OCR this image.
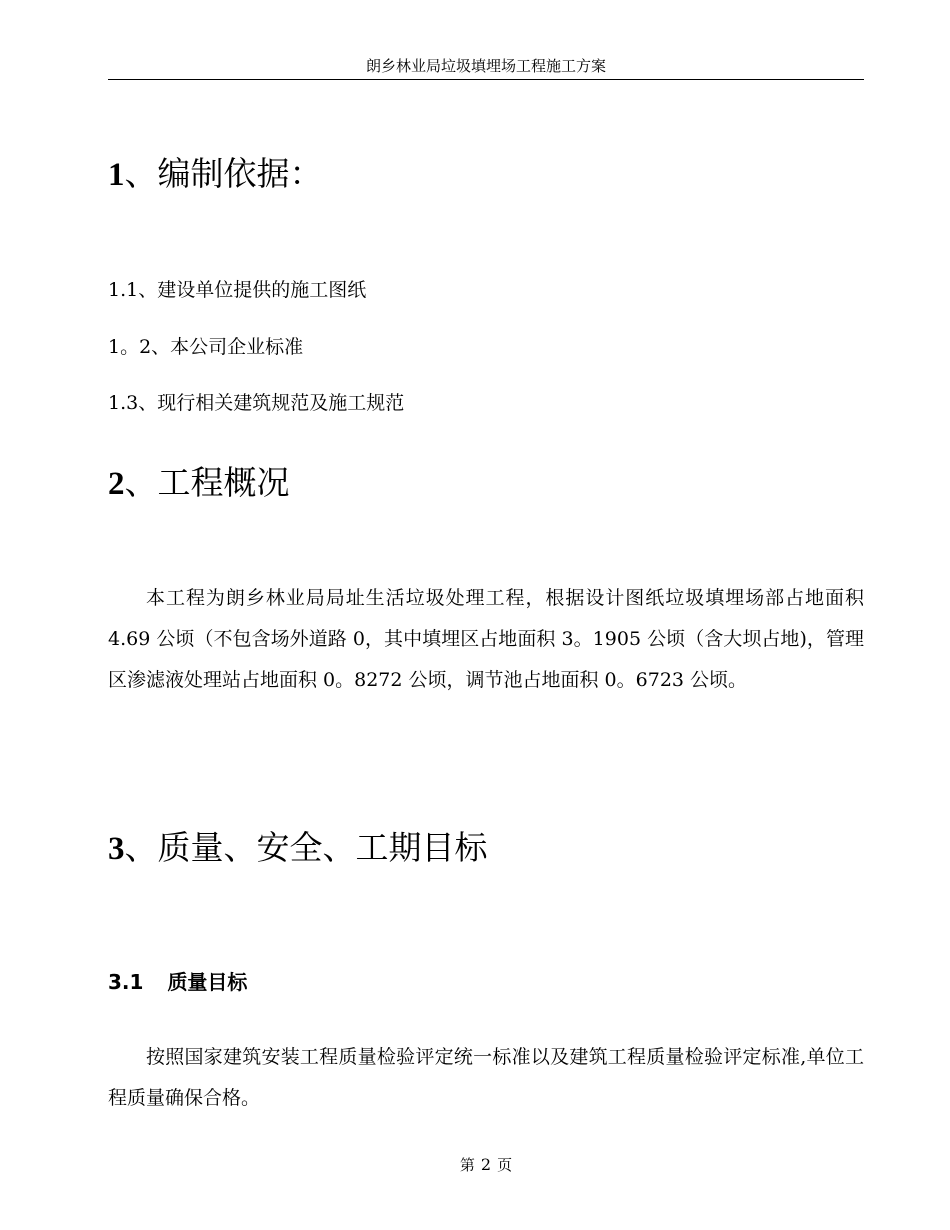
朗乡林业局垃圾填埋场工程施工方案
1、编制依据：
1.1、建设单位提供的施工图纸
1。2、本公司企业标准
1.3、现行相关建筑规范及施工规范
2、工程概况
本工程为朗乡林业局局址生活垃圾处理工程，根据设计图纸垃圾填埋场部占地面积 4.69 公顷（不包含场外道路 0，其中填埋区占地面积 3。1905 公顷（含大坝占地)，管理区渗滤液处理站占地面积 0。8272 公顷，调节池占地面积 0。6723 公顷。
3、质量、安全、工期目标
3.1 质量目标
按照国家建筑安装工程质量检验评定统一标准以及建筑工程质量检验评定标准,单位工程质量确保合格。
第 2 页
